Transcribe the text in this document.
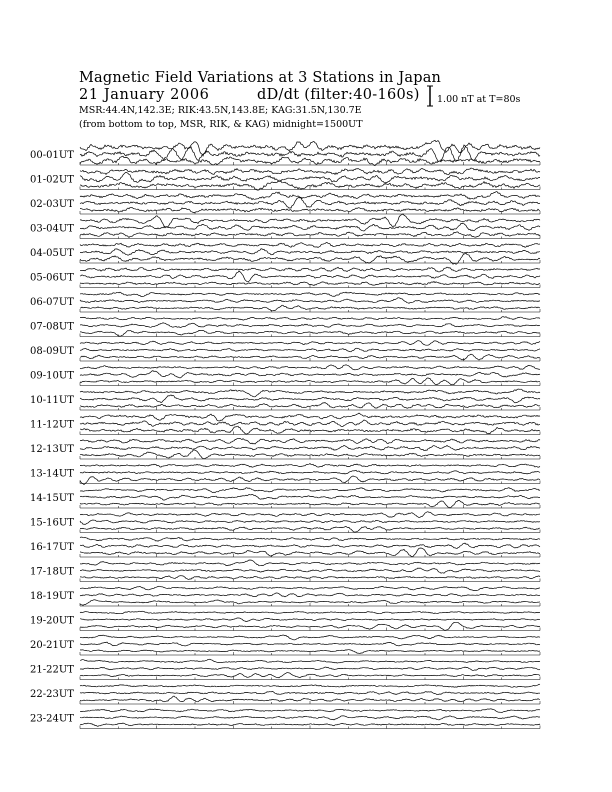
Magnetic Field Variations at 3 Stations in Japan
21 January 2006	dD/dt (filter:40-160s)
MSR:44.4N,142.3E; RIK:43.5N,143.8E; KAG:31.5N,130.7E
(from bottom to top, MSR, RIK, & KAG) midnight=1500UT
1.00 nT at T=80s
00-01UT
01-02UT
02-03UT
03-04UT
04-05UT
05-06UT
06-07UT
07-08UT
08-09UT
09-10UT
10-11UT
11-12UT
12-13UT
13-14UT
14-15UT
15-16UT
16-17UT
17-18UT
18-19UT
19-20UT
20-21UT
21-22UT
22-23UT
23-24UT
